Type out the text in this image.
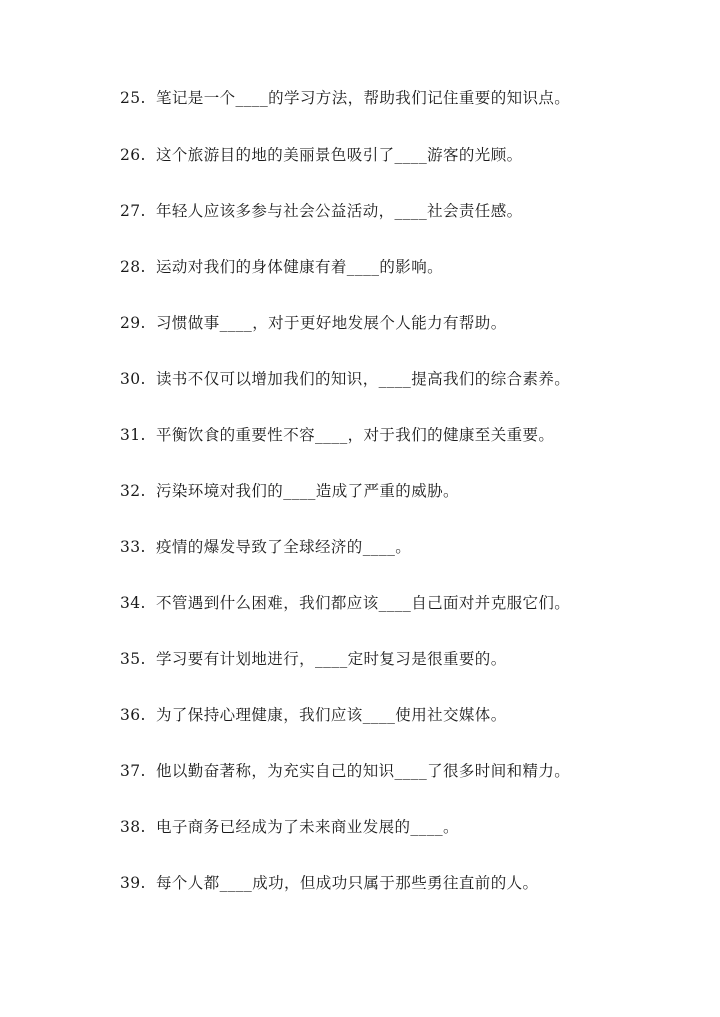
25. 笔记是一个____的学习方法，帮助我们记住重要的知识点。
26. 这个旅游目的地的美丽景色吸引了____游客的光顾。
27. 年轻人应该多参与社会公益活动，____社会责任感。
28. 运动对我们的身体健康有着____的影响。
29. 习惯做事____，对于更好地发展个人能力有帮助。
30. 读书不仅可以增加我们的知识，____提高我们的综合素养。
31. 平衡饮食的重要性不容____，对于我们的健康至关重要。
32. 污染环境对我们的____造成了严重的威胁。
33. 疫情的爆发导致了全球经济的____。
34. 不管遇到什么困难，我们都应该____自己面对并克服它们。
35. 学习要有计划地进行，____定时复习是很重要的。
36. 为了保持心理健康，我们应该____使用社交媒体。
37. 他以勤奋著称，为充实自己的知识____了很多时间和精力。
38. 电子商务已经成为了未来商业发展的____。
39. 每个人都____成功，但成功只属于那些勇往直前的人。
